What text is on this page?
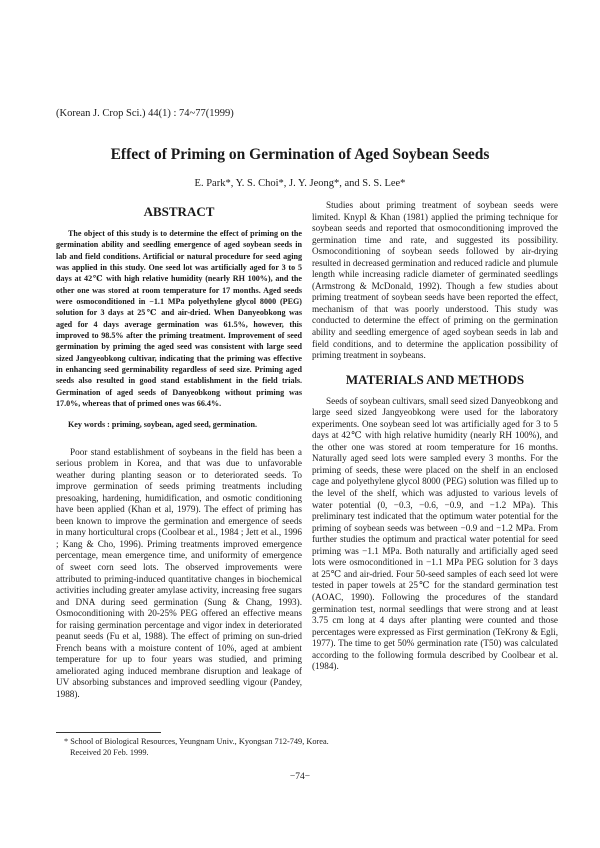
(Korean J. Crop Sci.) 44(1) : 74~77(1999)
Effect of Priming on Germination of Aged Soybean Seeds
E. Park*, Y. S. Choi*, J. Y. Jeong*, and S. S. Lee*
ABSTRACT

The object of this study is to determine the effect of priming on the germination ability and seedling emergence of aged soybean seeds in lab and field conditions. Artificial or natural procedure for seed aging was applied in this study. One seed lot was artificially aged for 3 to 5 days at 42℃ with high relative humidity (nearly RH 100%), and the other one was stored at room temperature for 17 months. Aged seeds were osmoconditioned in −1.1 MPa polyethylene glycol 8000 (PEG) solution for 3 days at 25℃ and air-dried. When Danyeobkong was aged for 4 days average germination was 61.5%, however, this improved to 98.5% after the priming treatment. Improvement of seed germination by priming the aged seed was consistent with large seed sized Jangyeobkong cultivar, indicating that the priming was effective in enhancing seed germinability regardless of seed size. Priming aged seeds also resulted in good stand establishment in the field trials. Germination of aged seeds of Danyeobkong without priming was 17.0%, whereas that of primed ones was 66.4%.

Key words : priming, soybean, aged seed, germination.

Poor stand establishment of soybeans in the field has been a serious problem in Korea, and that was due to unfavorable weather during planting season or to deteriorated seeds. To improve germination of seeds priming treatments including presoaking, hardening, humidification, and osmotic conditioning have been applied (Khan et al, 1979). The effect of priming has been known to improve the germination and emergence of seeds in many horticultural crops (Coolbear et al., 1984 ; Jett et al., 1996 ; Kang & Cho, 1996). Priming treatments improved emergence percentage, mean emergence time, and uniformity of emergence of sweet corn seed lots. The observed improvements were attributed to priming-induced quantitative changes in biochemical activities including greater amylase activity, increasing free sugars and DNA during seed germination (Sung & Chang, 1993). Osmoconditioning with 20-25% PEG offered an effective means for raising germination percentage and vigor index in deteriorated peanut seeds (Fu et al, 1988). The effect of priming on sun-dried French beans with a moisture content of 10%, aged at ambient temperature for up to four years was studied, and priming ameliorated aging induced membrane disruption and leakage of UV absorbing substances and improved seedling vigour (Pandey, 1988).

Studies about priming treatment of soybean seeds were limited. Knypl & Khan (1981) applied the priming technique for soybean seeds and reported that osmoconditioning improved the germination time and rate, and suggested its possibility. Osmoconditioning of soybean seeds followed by air-drying resulted in decreased germination and reduced radicle and plumule length while increasing radicle diameter of germinated seedlings (Armstrong & McDonald, 1992). Though a few studies about priming treatment of soybean seeds have been reported the effect, mechanism of that was poorly understood. This study was conducted to determine the effect of priming on the germination ability and seedling emergence of aged soybean seeds in lab and field conditions, and to determine the application possibility of priming treatment in soybeans.

MATERIALS AND METHODS

Seeds of soybean cultivars, small seed sized Danyeobkong and large seed sized Jangyeobkong were used for the laboratory experiments. One soybean seed lot was artificially aged for 3 to 5 days at 42℃ with high relative humidity (nearly RH 100%), and the other one was stored at room temperature for 16 months. Naturally aged seed lots were sampled every 3 months. For the priming of seeds, these were placed on the shelf in an enclosed cage and polyethylene glycol 8000 (PEG) solution was filled up to the level of the shelf, which was adjusted to various levels of water potential (0, −0.3, −0.6, −0.9, and −1.2 MPa). This preliminary test indicated that the optimum water potential for the priming of soybean seeds was between −0.9 and −1.2 MPa. From further studies the optimum and practical water potential for seed priming was −1.1 MPa. Both naturally and artificially aged seed lots were osmoconditioned in −1.1 MPa PEG solution for 3 days at 25℃ and air-dried. Four 50-seed samples of each seed lot were tested in paper towels at 25℃ for the standard germination test (AOAC, 1990). Following the procedures of the standard germination test, normal seedlings that were strong and at least 3.75 cm long at 4 days after planting were counted and those percentages were expressed as First germination (TeKrony & Egli, 1977). The time to get 50% germination rate (T50) was calculated according to the following formula described by Coolbear et al. (1984).

* School of Biological Resources, Yeungnam Univ., Kyongsan 712-749, Korea.
Received 20 Feb. 1999.
−74−
